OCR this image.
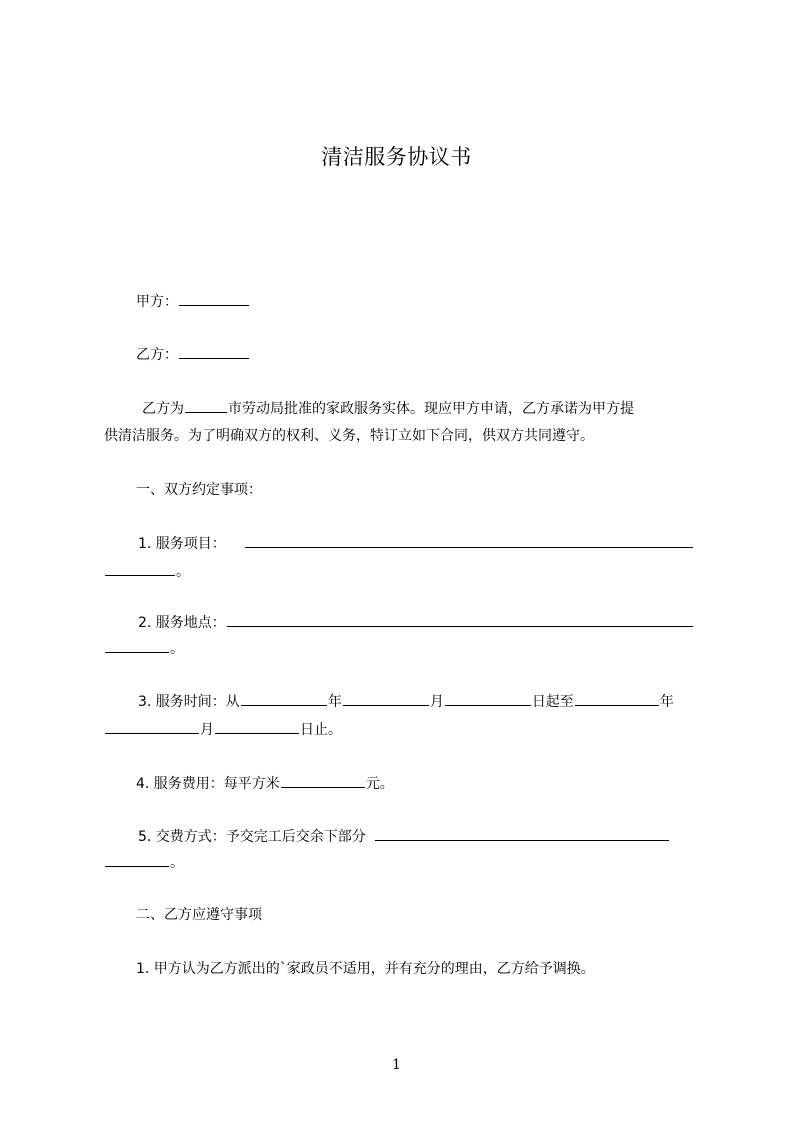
清洁服务协议书
甲方：
乙方：
乙方为	市劳动局批准的家政服务实体。现应甲方申请，乙方承诺为甲方提
供清洁服务。为了明确双方的权利、义务，特订立如下合同，供双方共同遵守。
一、双方约定事项：
1. 服务项目：
。
2. 服务地点：
。
3. 服务时间：从	年	月	日起至	年
月	日止。
4. 服务费用：每平方米	元。
5. 交费方式：予交完工后交余下部分
。
二、乙方应遵守事项
1. 甲方认为乙方派出的`家政员不适用，并有充分的理由，乙方给予调换。
1
